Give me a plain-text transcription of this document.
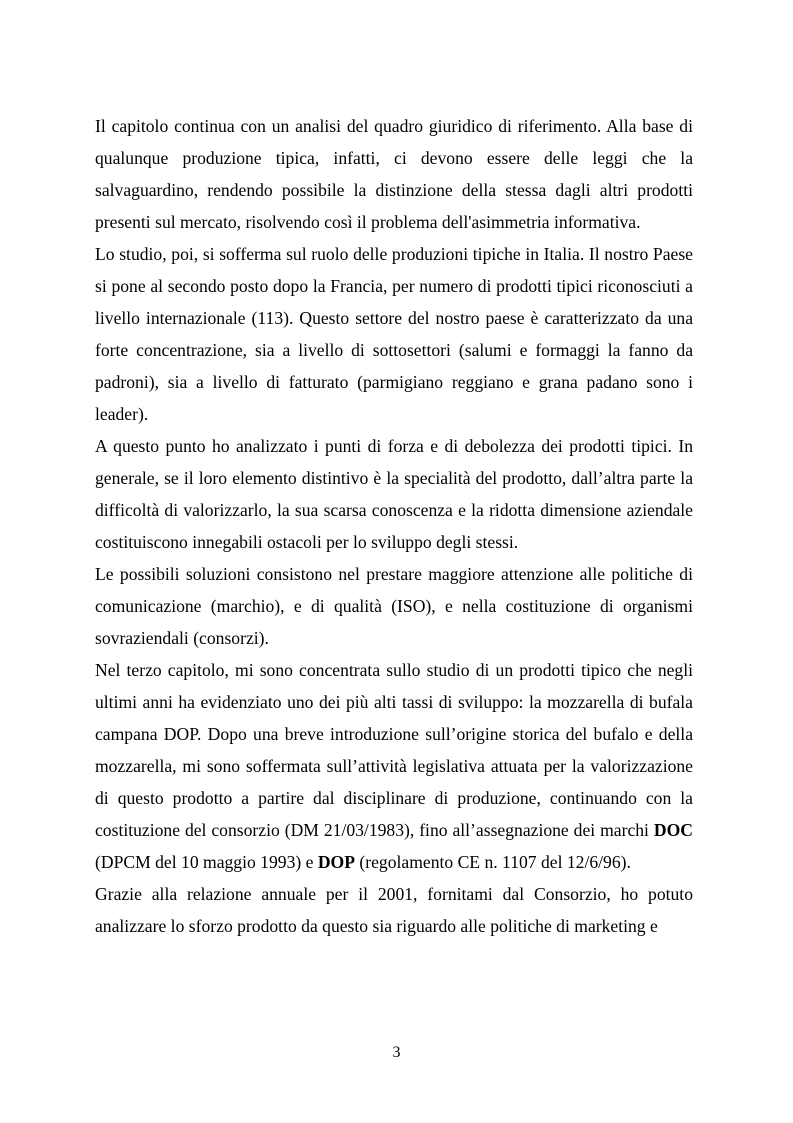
Il capitolo continua con un analisi del quadro giuridico di riferimento. Alla base di qualunque produzione tipica, infatti, ci devono essere delle leggi che la salvaguardino, rendendo possibile la distinzione della stessa dagli altri prodotti presenti sul mercato, risolvendo così il problema dell'asimmetria informativa.

Lo studio, poi, si sofferma sul ruolo delle produzioni tipiche in Italia. Il nostro Paese si pone al secondo posto dopo la Francia, per numero di prodotti tipici riconosciuti a livello internazionale (113). Questo settore del nostro paese è caratterizzato da una forte concentrazione, sia a livello di sottosettori (salumi e formaggi la fanno da padroni), sia a livello di fatturato (parmigiano reggiano e grana padano sono i leader).

A questo punto ho analizzato i punti di forza e di debolezza dei prodotti tipici. In generale, se il loro elemento distintivo è la specialità del prodotto, dall’altra parte la difficoltà di valorizzarlo, la sua scarsa conoscenza e la ridotta dimensione aziendale costituiscono innegabili ostacoli per lo sviluppo degli stessi.

Le possibili soluzioni consistono nel prestare maggiore attenzione alle politiche di comunicazione (marchio), e di qualità (ISO), e nella costituzione di organismi sovraziendali (consorzi).

Nel terzo capitolo, mi sono concentrata sullo studio di un prodotti tipico che negli ultimi anni ha evidenziato uno dei più alti tassi di sviluppo: la mozzarella di bufala campana DOP. Dopo una breve introduzione sull’origine storica del bufalo e della mozzarella, mi sono soffermata sull’attività legislativa attuata per la valorizzazione di questo prodotto a partire dal disciplinare di produzione, continuando con la costituzione del consorzio (DM 21/03/1983), fino all’assegnazione dei marchi DOC (DPCM del 10 maggio 1993) e DOP (regolamento CE n. 1107 del 12/6/96).

Grazie alla relazione annuale per il 2001, fornitami dal Consorzio, ho potuto analizzare lo sforzo prodotto da questo sia riguardo alle politiche di marketing e

3
